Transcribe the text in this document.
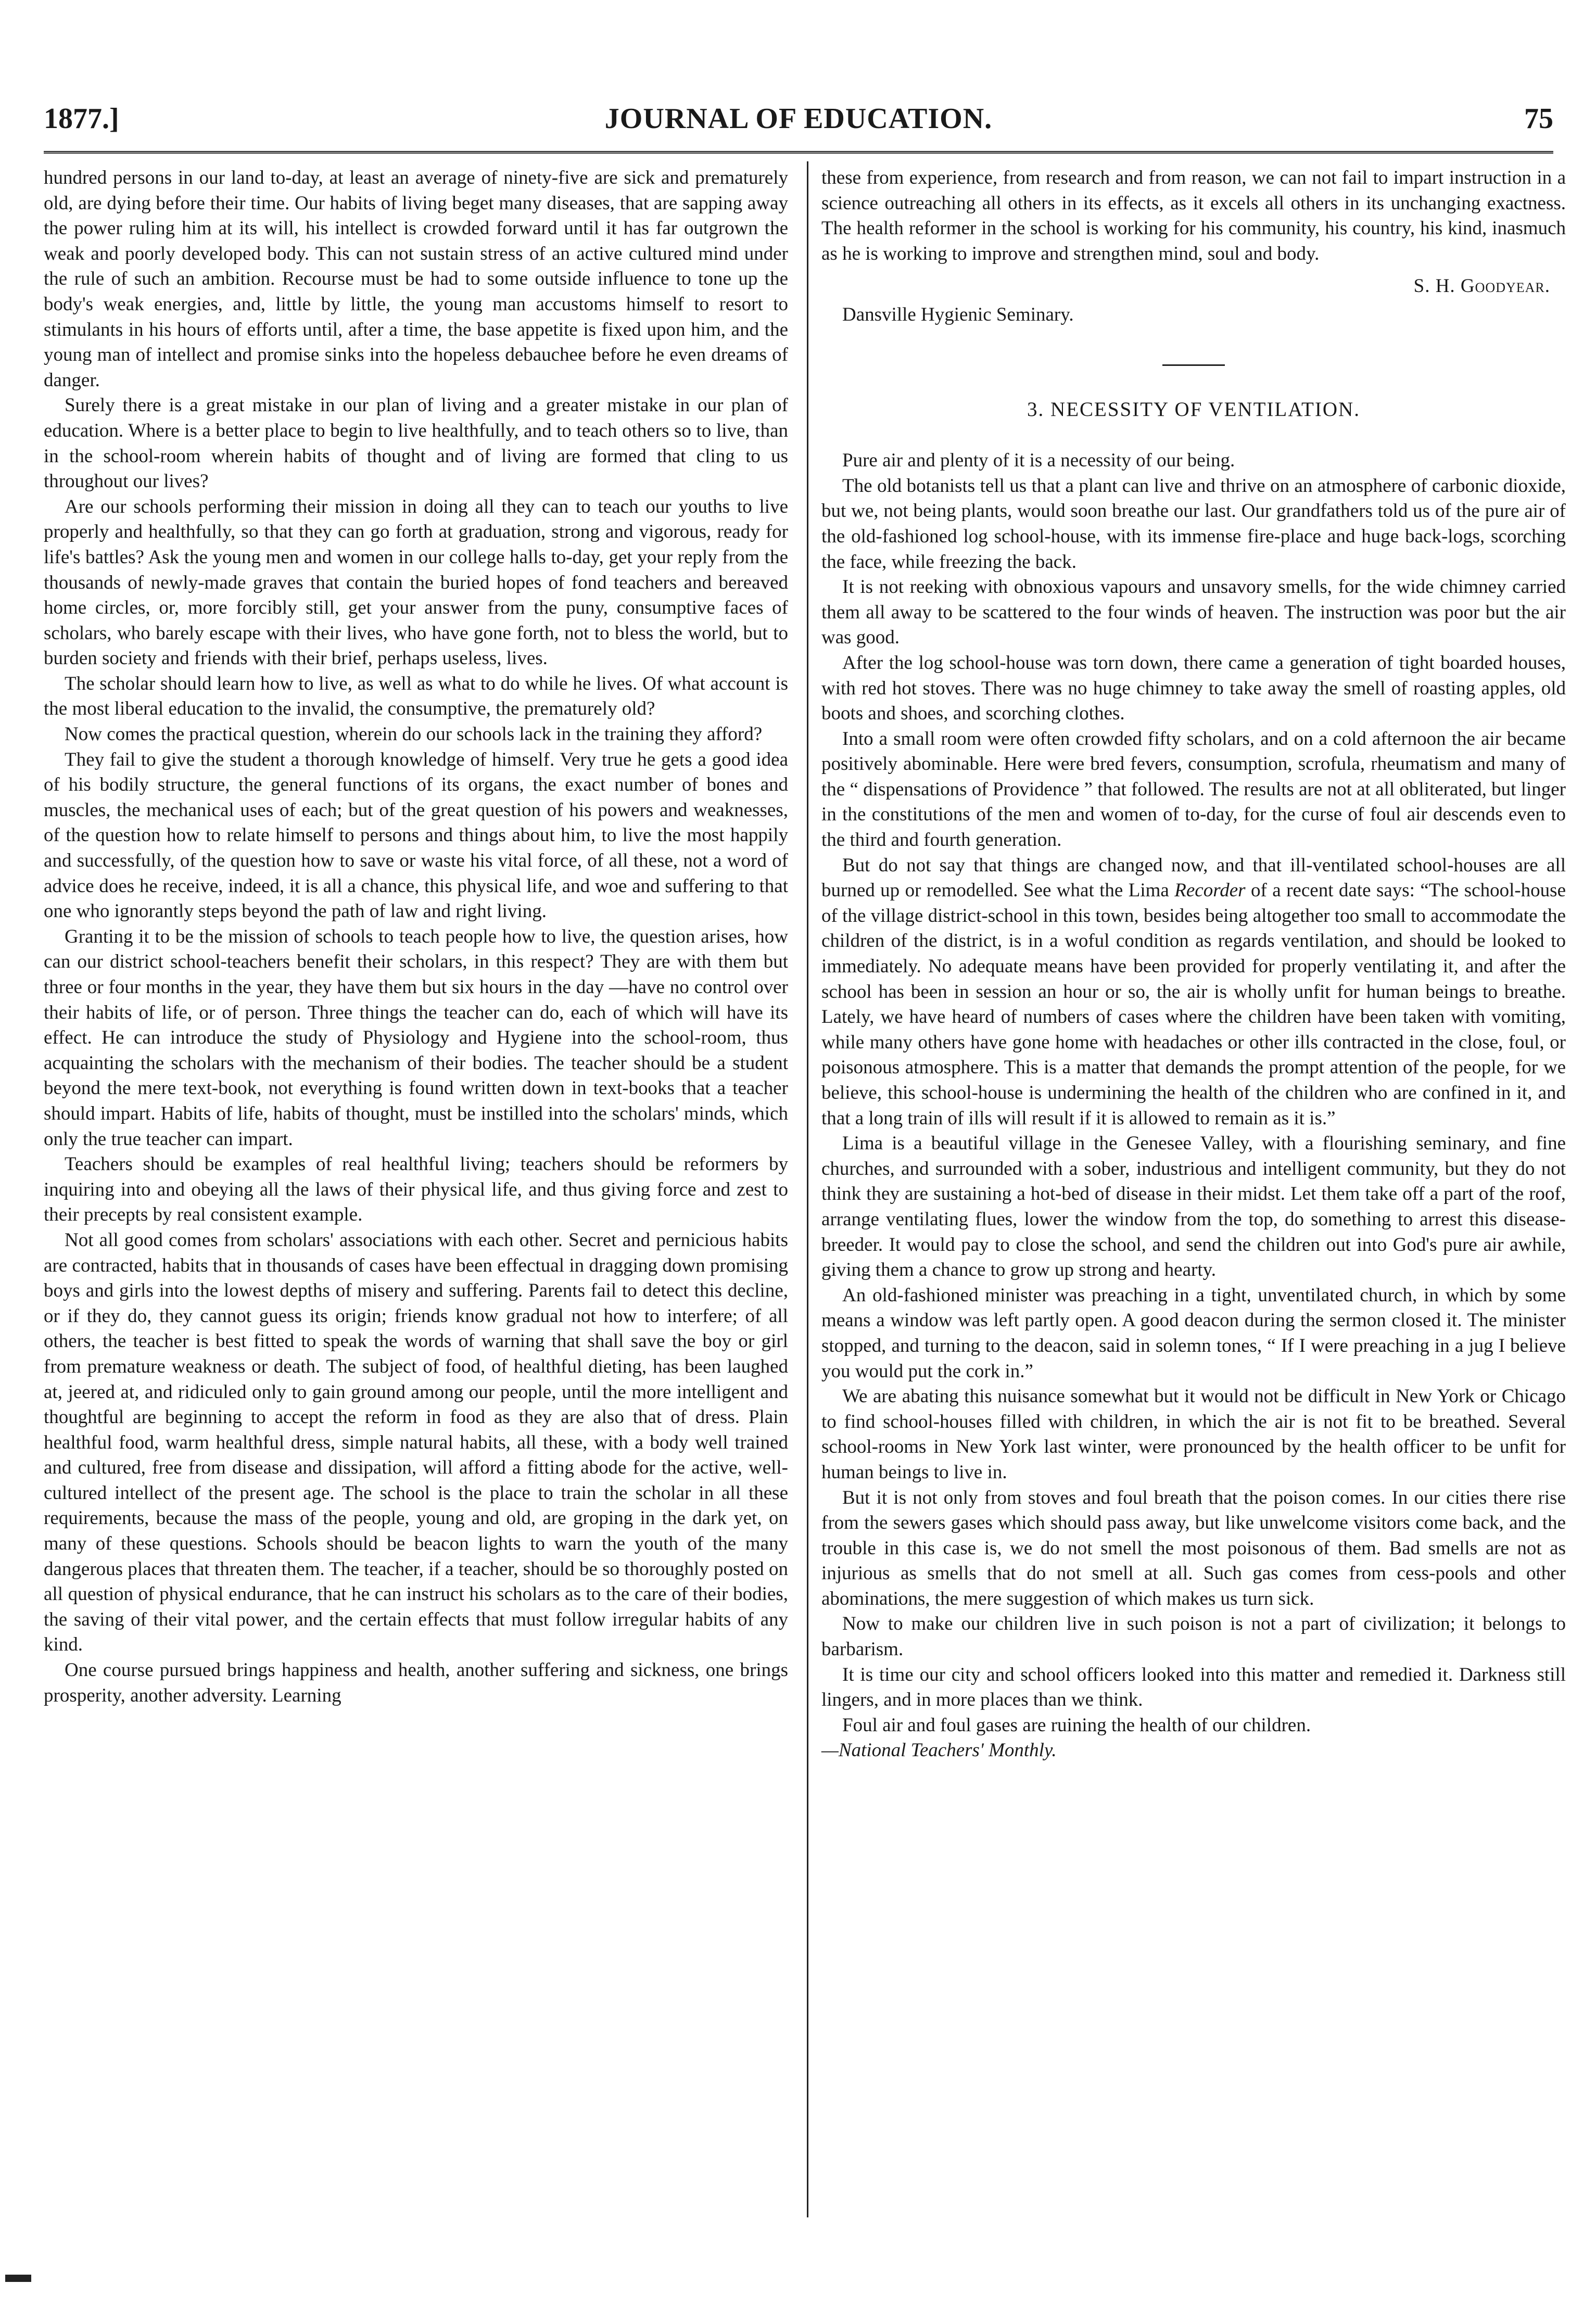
1877.]	JOURNAL OF EDUCATION.	75

hundred persons in our land to-day, at least an average of ninety-five are sick and prematurely old, are dying before their time. Our habits of living beget many diseases, that are sapping away the power ruling him at its will, his intellect is crowded forward until it has far outgrown the weak and poorly developed body. This can not sustain stress of an active cultured mind under the rule of such an ambition. Recourse must be had to some outside influence to tone up the body's weak energies, and, little by little, the young man accustoms himself to resort to stimulants in his hours of efforts until, after a time, the base appetite is fixed upon him, and the young man of intellect and promise sinks into the hopeless debauchee before he even dreams of danger.

Surely there is a great mistake in our plan of living and a greater mistake in our plan of education. Where is a better place to begin to live healthfully, and to teach others so to live, than in the school-room wherein habits of thought and of living are formed that cling to us throughout our lives?

Are our schools performing their mission in doing all they can to teach our youths to live properly and healthfully, so that they can go forth at graduation, strong and vigorous, ready for life's battles? Ask the young men and women in our college halls to-day, get your reply from the thousands of newly-made graves that contain the buried hopes of fond teachers and bereaved home circles, or, more forcibly still, get your answer from the puny, consumptive faces of scholars, who barely escape with their lives, who have gone forth, not to bless the world, but to burden society and friends with their brief, perhaps useless, lives.

The scholar should learn how to live, as well as what to do while he lives. Of what account is the most liberal education to the invalid, the consumptive, the prematurely old?

Now comes the practical question, wherein do our schools lack in the training they afford?

They fail to give the student a thorough knowledge of himself. Very true he gets a good idea of his bodily structure, the general functions of its organs, the exact number of bones and muscles, the mechanical uses of each; but of the great question of his powers and weaknesses, of the question how to relate himself to persons and things about him, to live the most happily and successfully, of the question how to save or waste his vital force, of all these, not a word of advice does he receive, indeed, it is all a chance, this physical life, and woe and suffering to that one who ignorantly steps beyond the path of law and right living.

Granting it to be the mission of schools to teach people how to live, the question arises, how can our district school-teachers benefit their scholars, in this respect? They are with them but three or four months in the year, they have them but six hours in the day —have no control over their habits of life, or of person. Three things the teacher can do, each of which will have its effect. He can introduce the study of Physiology and Hygiene into the school-room, thus acquainting the scholars with the mechanism of their bodies. The teacher should be a student beyond the mere text-book, not everything is found written down in text-books that a teacher should impart. Habits of life, habits of thought, must be instilled into the scholars' minds, which only the true teacher can impart.

Teachers should be examples of real healthful living; teachers should be reformers by inquiring into and obeying all the laws of their physical life, and thus giving force and zest to their precepts by real consistent example.

Not all good comes from scholars' associations with each other. Secret and pernicious habits are contracted, habits that in thousands of cases have been effectual in dragging down promising boys and girls into the lowest depths of misery and suffering. Parents fail to detect this decline, or if they do, they cannot guess its origin; friends know gradual not how to interfere; of all others, the teacher is best fitted to speak the words of warning that shall save the boy or girl from premature weakness or death. The subject of food, of healthful dieting, has been laughed at, jeered at, and ridiculed only to gain ground among our people, until the more intelligent and thoughtful are beginning to accept the reform in food as they are also that of dress. Plain healthful food, warm healthful dress, simple natural habits, all these, with a body well trained and cultured, free from disease and dissipation, will afford a fitting abode for the active, well-cultured intellect of the present age. The school is the place to train the scholar in all these requirements, because the mass of the people, young and old, are groping in the dark yet, on many of these questions. Schools should be beacon lights to warn the youth of the many dangerous places that threaten them. The teacher, if a teacher, should be so thoroughly posted on all question of physical endurance, that he can instruct his scholars as to the care of their bodies, the saving of their vital power, and the certain effects that must follow irregular habits of any kind.

One course pursued brings happiness and health, another suffering and sickness, one brings prosperity, another adversity. Learning

these from experience, from research and from reason, we can not fail to impart instruction in a science outreaching all others in its effects, as it excels all others in its unchanging exactness. The health reformer in the school is working for his community, his country, his kind, inasmuch as he is working to improve and strengthen mind, soul and body.

S. H. Goodyear.
Dansville Hygienic Seminary.
3. NECESSITY OF VENTILATION.

Pure air and plenty of it is a necessity of our being.

The old botanists tell us that a plant can live and thrive on an atmosphere of carbonic dioxide, but we, not being plants, would soon breathe our last. Our grandfathers told us of the pure air of the old-fashioned log school-house, with its immense fire-place and huge back-logs, scorching the face, while freezing the back.

It is not reeking with obnoxious vapours and unsavory smells, for the wide chimney carried them all away to be scattered to the four winds of heaven. The instruction was poor but the air was good.

After the log school-house was torn down, there came a generation of tight boarded houses, with red hot stoves. There was no huge chimney to take away the smell of roasting apples, old boots and shoes, and scorching clothes.

Into a small room were often crowded fifty scholars, and on a cold afternoon the air became positively abominable. Here were bred fevers, consumption, scrofula, rheumatism and many of the “ dispensations of Providence ” that followed. The results are not at all obliterated, but linger in the constitutions of the men and women of to-day, for the curse of foul air descends even to the third and fourth generation.

But do not say that things are changed now, and that ill-ventilated school-houses are all burned up or remodelled. See what the Lima Recorder of a recent date says: “The school-house of the village district-school in this town, besides being altogether too small to accommodate the children of the district, is in a woful condition as regards ventilation, and should be looked to immediately. No adequate means have been provided for properly ventilating it, and after the school has been in session an hour or so, the air is wholly unfit for human beings to breathe. Lately, we have heard of numbers of cases where the children have been taken with vomiting, while many others have gone home with headaches or other ills contracted in the close, foul, or poisonous atmosphere. This is a matter that demands the prompt attention of the people, for we believe, this school-house is undermining the health of the children who are confined in it, and that a long train of ills will result if it is allowed to remain as it is.”

Lima is a beautiful village in the Genesee Valley, with a flourishing seminary, and fine churches, and surrounded with a sober, industrious and intelligent community, but they do not think they are sustaining a hot-bed of disease in their midst. Let them take off a part of the roof, arrange ventilating flues, lower the window from the top, do something to arrest this disease-breeder. It would pay to close the school, and send the children out into God's pure air awhile, giving them a chance to grow up strong and hearty.

An old-fashioned minister was preaching in a tight, unventilated church, in which by some means a window was left partly open. A good deacon during the sermon closed it. The minister stopped, and turning to the deacon, said in solemn tones, “ If I were preaching in a jug I believe you would put the cork in.”

We are abating this nuisance somewhat but it would not be difficult in New York or Chicago to find school-houses filled with children, in which the air is not fit to be breathed. Several school-rooms in New York last winter, were pronounced by the health officer to be unfit for human beings to live in.

But it is not only from stoves and foul breath that the poison comes. In our cities there rise from the sewers gases which should pass away, but like unwelcome visitors come back, and the trouble in this case is, we do not smell the most poisonous of them. Bad smells are not as injurious as smells that do not smell at all. Such gas comes from cess-pools and other abominations, the mere suggestion of which makes us turn sick.

Now to make our children live in such poison is not a part of civilization; it belongs to barbarism.

It is time our city and school officers looked into this matter and remedied it. Darkness still lingers, and in more places than we think.

Foul air and foul gases are ruining the health of our children.

—National Teachers' Monthly.
